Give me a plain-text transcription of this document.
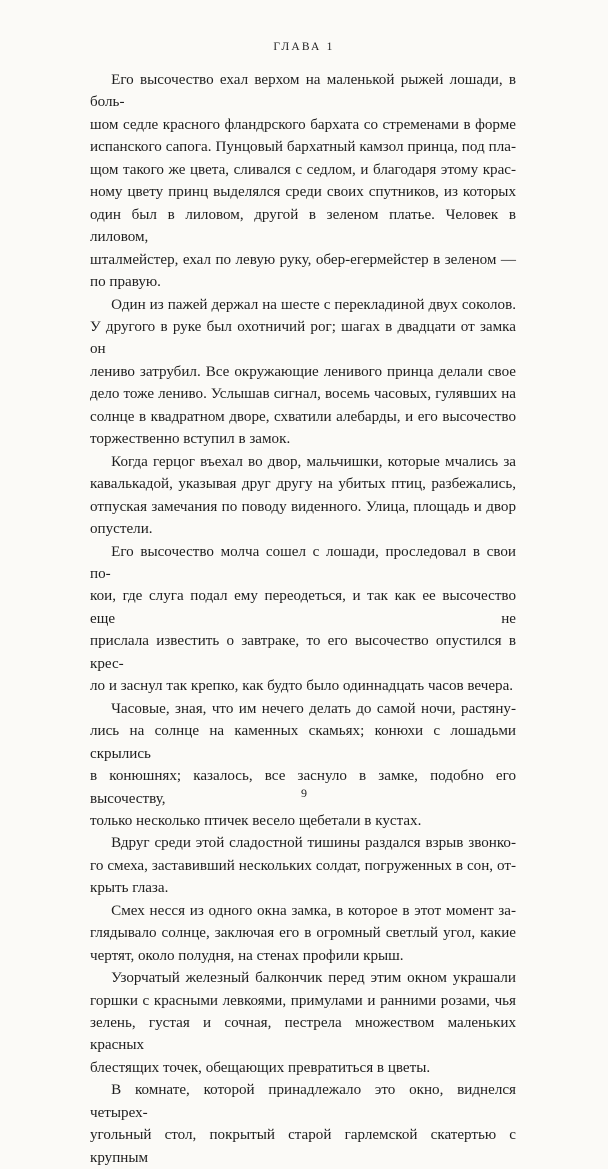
ГЛАВА 1

Его высочество ехал верхом на маленькой рыжей лошади, в боль-
шом седле красного фландрского бархата со стременами в форме
испанского сапога. Пунцовый бархатный камзол принца, под пла-
щом такого же цвета, сливался с седлом, и благодаря этому крас-
ному цвету принц выделялся среди своих спутников, из которых
один был в лиловом, другой в зеленом платье. Человек в лиловом,
шталмейстер, ехал по левую руку, обер-егермейстер в зеленом —
по правую.

Один из пажей держал на шесте с перекладиной двух соколов.
У другого в руке был охотничий рог; шагах в двадцати от замка он
лениво затрубил. Все окружающие ленивого принца делали свое
дело тоже лениво. Услышав сигнал, восемь часовых, гулявших на
солнце в квадратном дворе, схватили алебарды, и его высочество
торжественно вступил в замок.

Когда герцог въехал во двор, мальчишки, которые мчались за
кавалькадой, указывая друг другу на убитых птиц, разбежались,
отпуская замечания по поводу виденного. Улица, площадь и двор
опустели.

Его высочество молча сошел с лошади, проследовал в свои по-
кои, где слуга подал ему переодеться, и так как ее высочество еще не
прислала известить о завтраке, то его высочество опустился в крес-
ло и заснул так крепко, как будто было одиннадцать часов вечера.

Часовые, зная, что им нечего делать до самой ночи, растяну-
лись на солнце на каменных скамьях; конюхи с лошадьми скрылись
в конюшнях; казалось, все заснуло в замке, подобно его высочеству,
только несколько птичек весело щебетали в кустах.

Вдруг среди этой сладостной тишины раздался взрыв звонко-
го смеха, заставивший нескольких солдат, погруженных в сон, от-
крыть глаза.

Смех несся из одного окна замка, в которое в этот момент за-
глядывало солнце, заключая его в огромный светлый угол, какие
чертят, около полудня, на стенах профили крыш.

Узорчатый железный балкончик перед этим окном украшали
горшки с красными левкоями, примулами и ранними розами, чья
зелень, густая и сочная, пестрела множеством маленьких красных
блестящих точек, обещающих превратиться в цветы.

В комнате, которой принадлежало это окно, виднелся четырех-
угольный стол, покрытый старой гарлемской скатертью с крупным

9
